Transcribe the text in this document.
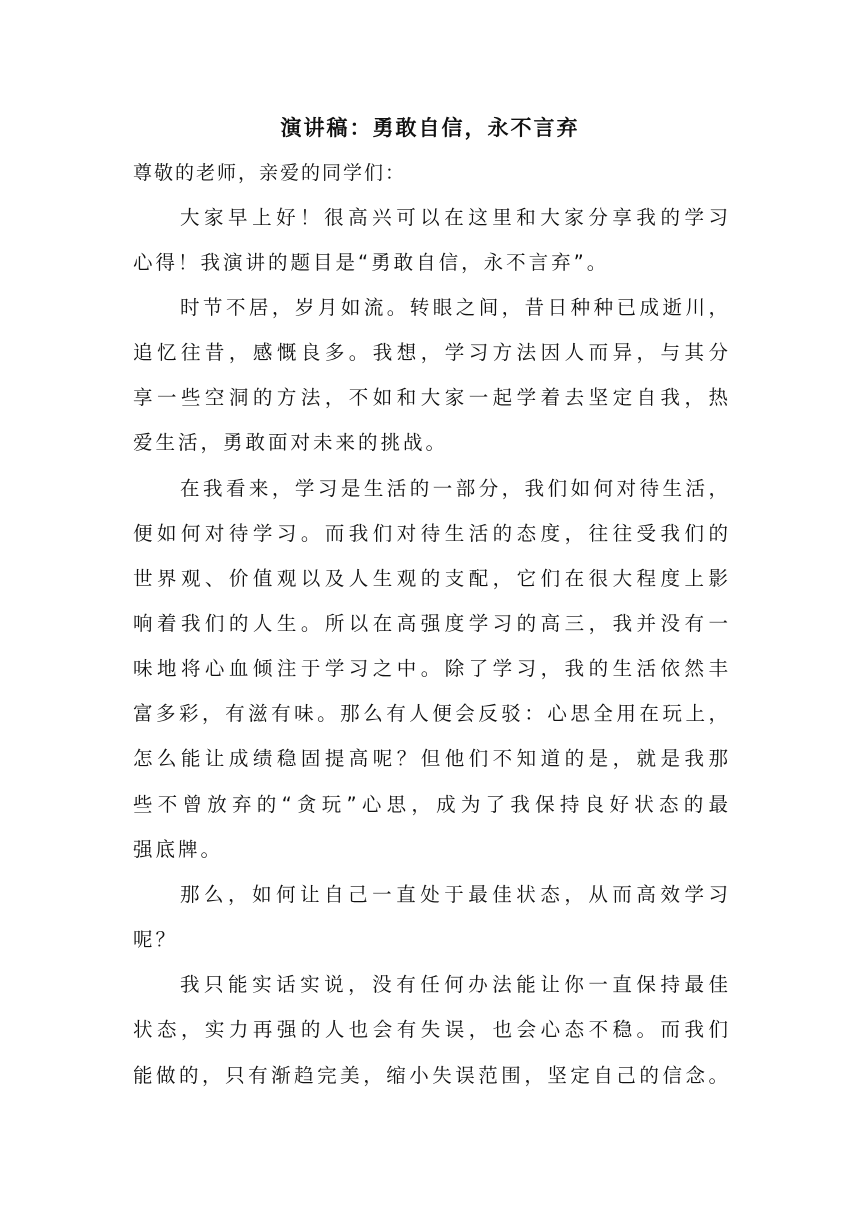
演讲稿：勇敢自信，永不言弃
尊敬的老师，亲爱的同学们：
大家早上好！很高兴可以在这里和大家分享我的学习
心得！我演讲的题目是“勇敢自信，永不言弃”。
时节不居，岁月如流。转眼之间，昔日种种已成逝川，
追忆往昔，感慨良多。我想，学习方法因人而异，与其分
享一些空洞的方法，不如和大家一起学着去坚定自我，热
爱生活，勇敢面对未来的挑战。
在我看来，学习是生活的一部分，我们如何对待生活，
便如何对待学习。而我们对待生活的态度，往往受我们的
世界观、价值观以及人生观的支配，它们在很大程度上影
响着我们的人生。所以在高强度学习的高三，我并没有一
味地将心血倾注于学习之中。除了学习，我的生活依然丰
富多彩，有滋有味。那么有人便会反驳：心思全用在玩上，
怎么能让成绩稳固提高呢？但他们不知道的是，就是我那
些不曾放弃的“贪玩”心思，成为了我保持良好状态的最
强底牌。
那么，如何让自己一直处于最佳状态，从而高效学习
呢？
我只能实话实说，没有任何办法能让你一直保持最佳
状态，实力再强的人也会有失误，也会心态不稳。而我们
能做的，只有渐趋完美，缩小失误范围，坚定自己的信念。
